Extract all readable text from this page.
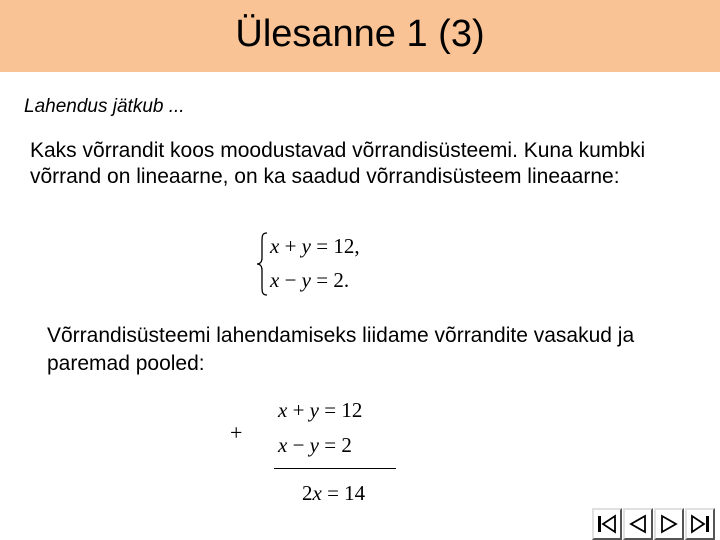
Ülesanne 1 (3)
Lahendus jätkub ...
Kaks võrrandit koos moodustavad võrrandisüsteemi. Kuna kumbki võrrand on lineaarne, on ka saadud võrrandisüsteem lineaarne:
x + y = 12,
x − y = 2.
Võrrandisüsteemi lahendamiseks liidame võrrandite vasakud ja paremad pooled:
+
x + y = 12
x − y = 2
2x = 14
